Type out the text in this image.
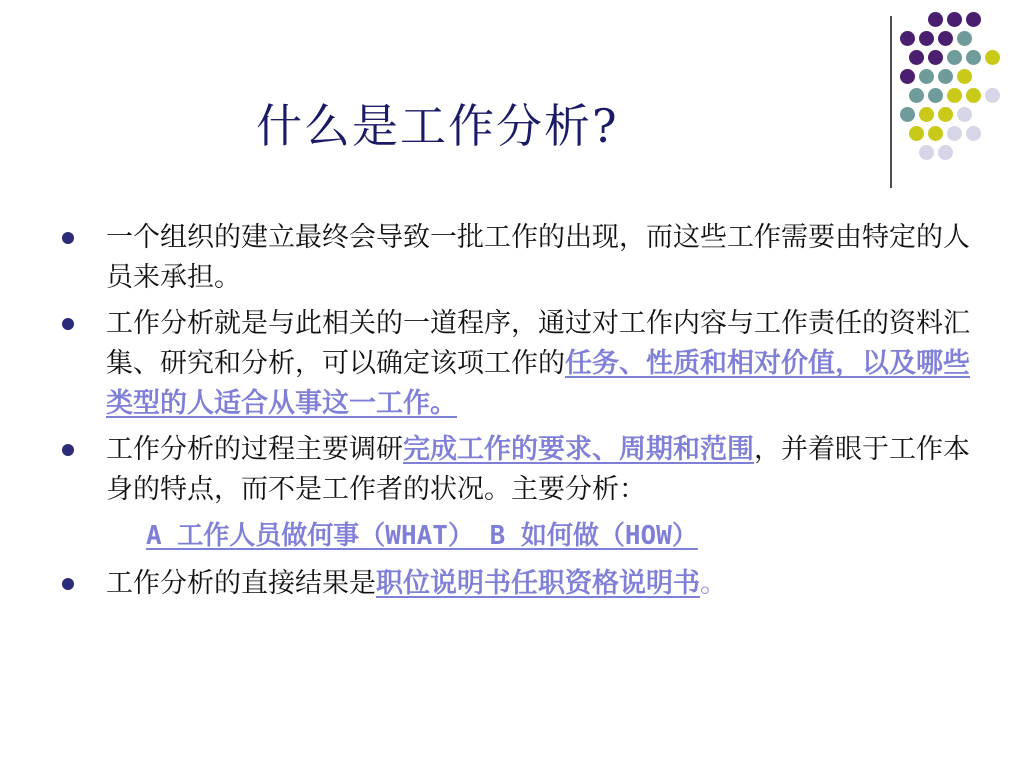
什么是工作分析?
一个组织的建立最终会导致一批工作的出现，而这些工作需要由特定的人员来承担。
工作分析就是与此相关的一道程序，通过对工作内容与工作责任的资料汇集、研究和分析，可以确定该项工作的任务、性质和相对价值，以及哪些类型的人适合从事这一工作。
工作分析的过程主要调研完成工作的要求、周期和范围，并着眼于工作本身的特点，而不是工作者的状况。主要分析：
A 工作人员做何事（WHAT） B 如何做（HOW）
工作分析的直接结果是职位说明书任职资格说明书。
